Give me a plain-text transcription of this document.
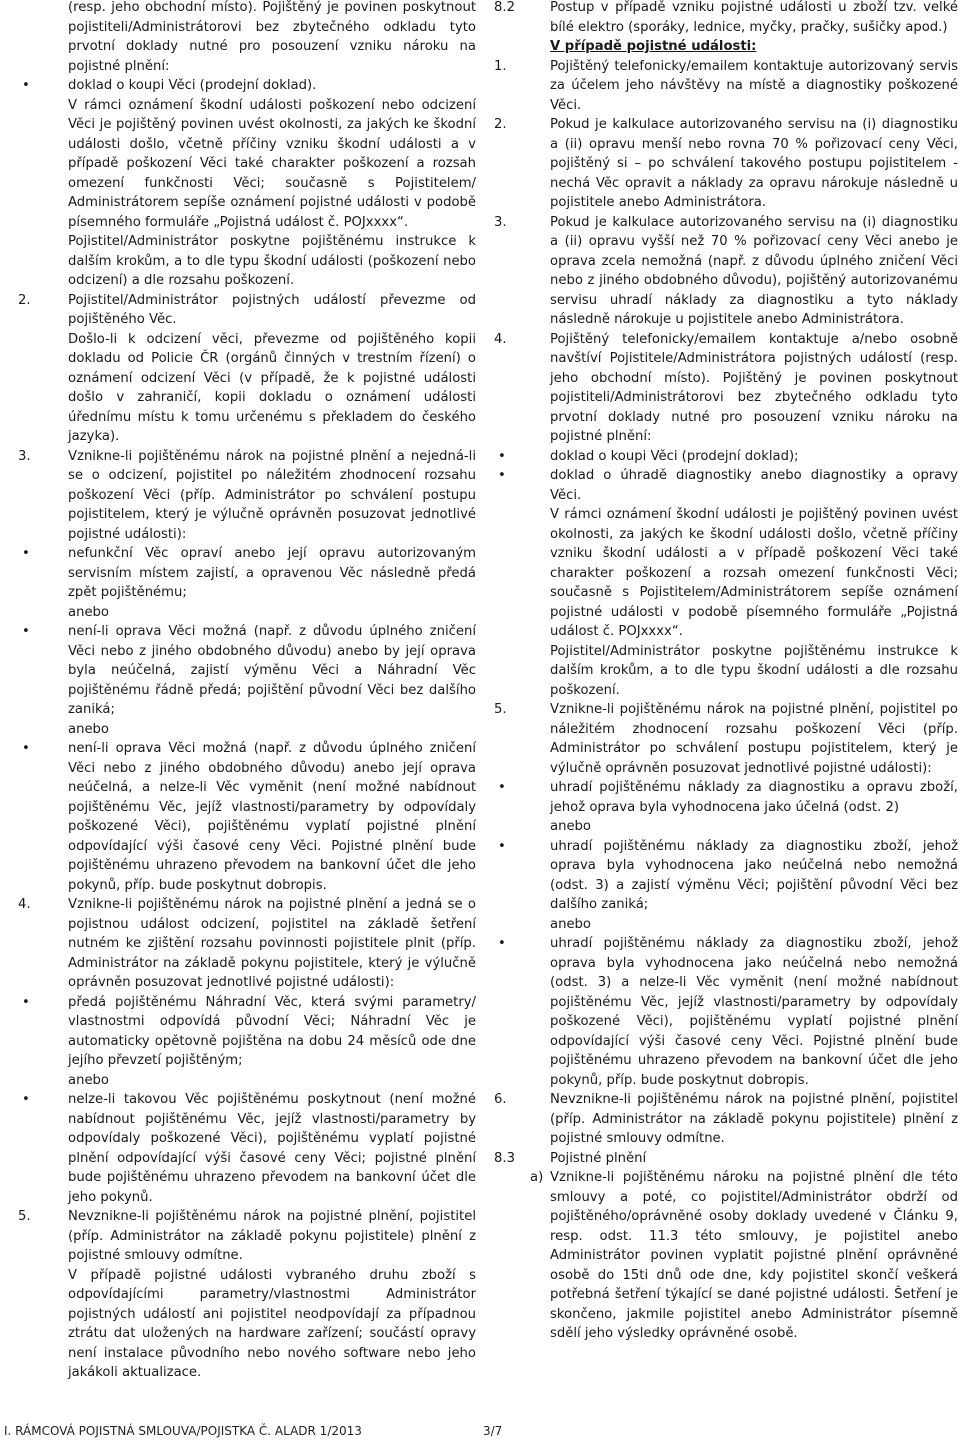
(resp. jeho obchodní místo). Pojištěný je povinen poskytnout pojistiteli/Administrátorovi bez zbytečného odkladu tyto prvotní doklady nutné pro posouzení vzniku nároku na pojistné plnění:

•	doklad o koupi Věci (prodejní doklad).

V rámci oznámení škodní události poškození nebo odcizení Věci je pojištěný povinen uvést okolnosti, za jakých ke škodní události došlo, včetně příčiny vzniku škodní události a v případě poškození Věci také charakter poškození a rozsah omezení funkčnosti Věci; současně s Pojistitelem/ Administrátorem sepíše oznámení pojistné události v podobě písemného formuláře „Pojistná událost č. POJxxxx“.

Pojistitel/Administrátor poskytne pojištěnému instrukce k dalším krokům, a to dle typu škodní události (poškození nebo odcizení) a dle rozsahu poškození.

2.	Pojistitel/Administrátor pojistných událostí převezme od pojištěného Věc.

Došlo-li k odcizení věci, převezme od pojištěného kopii dokladu od Policie ČR (orgánů činných v trestním řízení) o oznámení odcizení Věci (v případě, že k pojistné události došlo v zahraničí, kopii dokladu o oznámení události úřednímu místu k tomu určenému s překladem do českého jazyka).

3.	Vznikne-li pojištěnému nárok na pojistné plnění a nejedná-li se o odcizení, pojistitel po náležitém zhodnocení rozsahu poškození Věci (příp. Administrátor po schválení postupu pojistitelem, který je výlučně oprávněn posuzovat jednotlivé pojistné události):

•	nefunkční Věc opraví anebo její opravu autorizovaným servisním místem zajistí, a opravenou Věc následně předá zpět pojištěnému;

anebo

•	není-li oprava Věci možná (např. z důvodu úplného zničení Věci nebo z jiného obdobného důvodu) anebo by její oprava byla neúčelná, zajistí výměnu Věci a Náhradní Věc pojištěnému řádně předá; pojištění původní Věci bez dalšího zaniká;

anebo

•	není-li oprava Věci možná (např. z důvodu úplného zničení Věci nebo z jiného obdobného důvodu) anebo její oprava neúčelná, a nelze-li Věc vyměnit (není možné nabídnout pojištěnému Věc, jejíž vlastnosti/parametry by odpovídaly poškozené Věci), pojištěnému vyplatí pojistné plnění odpovídající výši časové ceny Věci. Pojistné plnění bude pojištěnému uhrazeno převodem na bankovní účet dle jeho pokynů, příp. bude poskytnut dobropis.

4.	Vznikne-li pojištěnému nárok na pojistné plnění a jedná se o pojistnou událost odcizení, pojistitel na základě šetření nutném ke zjištění rozsahu povinnosti pojistitele plnit (příp. Administrátor na základě pokynu pojistitele, který je výlučně oprávněn posuzovat jednotlivé pojistné události):

•	předá pojištěnému Náhradní Věc, která svými parametry/ vlastnostmi odpovídá původní Věci; Náhradní Věc je automaticky opětovně pojištěna na dobu 24 měsíců ode dne jejího převzetí pojištěným;

anebo

•	nelze-li takovou Věc pojištěnému poskytnout (není možné nabídnout pojištěnému Věc, jejíž vlastnosti/parametry by odpovídaly poškozené Věci), pojištěnému vyplatí pojistné plnění odpovídající výši časové ceny Věci; pojistné plnění bude pojištěnému uhrazeno převodem na bankovní účet dle jeho pokynů.

5.	Nevznikne-li pojištěnému nárok na pojistné plnění, pojistitel (příp. Administrátor na základě pokynu pojistitele) plnění z pojistné smlouvy odmítne.

V případě pojistné události vybraného druhu zboží s odpovídajícími parametry/vlastnostmi Administrátor pojistných událostí ani pojistitel neodpovídají za případnou ztrátu dat uložených na hardware zařízení; součástí opravy není instalace původního nebo nového software nebo jeho jakákoli aktualizace.

8.2	Postup v případě vzniku pojistné události u zboží tzv. velké bílé elektro (sporáky, lednice, myčky, pračky, sušičky apod.)

V případě pojistné události:

1.	Pojištěný telefonicky/emailem kontaktuje autorizovaný servis za účelem jeho návštěvy na místě a diagnostiky poškozené Věci.

2.	Pokud je kalkulace autorizovaného servisu na (i) diagnostiku a (ii) opravu menší nebo rovna 70 % pořizovací ceny Věci, pojištěný si – po schválení takového postupu pojistitelem - nechá Věc opravit a náklady za opravu nárokuje následně u pojistitele anebo Administrátora.

3.	Pokud je kalkulace autorizovaného servisu na (i) diagnostiku a (ii) opravu vyšší než 70 % pořizovací ceny Věci anebo je oprava zcela nemožná (např. z důvodu úplného zničení Věci nebo z jiného obdobného důvodu), pojištěný autorizovanému servisu uhradí náklady za diagnostiku a tyto náklady následně nárokuje u pojistitele anebo Administrátora.

4.	Pojištěný telefonicky/emailem kontaktuje a/nebo osobně navštíví Pojistitele/Administrátora pojistných událostí (resp. jeho obchodní místo). Pojištěný je povinen poskytnout pojistiteli/Administrátorovi bez zbytečného odkladu tyto prvotní doklady nutné pro posouzení vzniku nároku na pojistné plnění:

•	doklad o koupi Věci (prodejní doklad);

•	doklad o úhradě diagnostiky anebo diagnostiky a opravy Věci.

V rámci oznámení škodní události je pojištěný povinen uvést okolnosti, za jakých ke škodní události došlo, včetně příčiny vzniku škodní události a v případě poškození Věci také charakter poškození a rozsah omezení funkčnosti Věci; současně s Pojistitelem/Administrátorem sepíše oznámení pojistné události v podobě písemného formuláře „Pojistná událost č. POJxxxx“.

Pojistitel/Administrátor poskytne pojištěnému instrukce k dalším krokům, a to dle typu škodní události a dle rozsahu poškození.

5.	Vznikne-li pojištěnému nárok na pojistné plnění, pojistitel po náležitém zhodnocení rozsahu poškození Věci (příp. Administrátor po schválení postupu pojistitelem, který je výlučně oprávněn posuzovat jednotlivé pojistné události):

•	uhradí pojištěnému náklady za diagnostiku a opravu zboží, jehož oprava byla vyhodnocena jako účelná (odst. 2)

anebo

•	uhradí pojištěnému náklady za diagnostiku zboží, jehož oprava byla vyhodnocena jako neúčelná nebo nemožná (odst. 3) a zajistí výměnu Věci; pojištění původní Věci bez dalšího zaniká;

anebo

•	uhradí pojištěnému náklady za diagnostiku zboží, jehož oprava byla vyhodnocena jako neúčelná nebo nemožná (odst. 3) a nelze-li Věc vyměnit (není možné nabídnout pojištěnému Věc, jejíž vlastnosti/parametry by odpovídaly poškozené Věci), pojištěnému vyplatí pojistné plnění odpovídající výši časové ceny Věci. Pojistné plnění bude pojištěnému uhrazeno převodem na bankovní účet dle jeho pokynů, příp. bude poskytnut dobropis.

6.	Nevznikne-li pojištěnému nárok na pojistné plnění, pojistitel (příp. Administrátor na základě pokynu pojistitele) plnění z pojistné smlouvy odmítne.

8.3	Pojistné plnění

a) Vznikne-li pojištěnému nároku na pojistné plnění dle této smlouvy a poté, co pojistitel/Administrátor obdrží od pojištěného/oprávněné osoby doklady uvedené v Článku 9, resp. odst. 11.3 této smlouvy, je pojistitel anebo Administrátor povinen vyplatit pojistné plnění oprávněné osobě do 15ti dnů ode dne, kdy pojistitel skončí veškerá potřebná šetření týkající se dané pojistné události. Šetření je skončeno, jakmile pojistitel anebo Administrátor písemně sdělí jeho výsledky oprávněné osobě.

I. RÁMCOVÁ POJISTNÁ SMLOUVA/POJISTKA Č. ALADR 1/2013	3/7
